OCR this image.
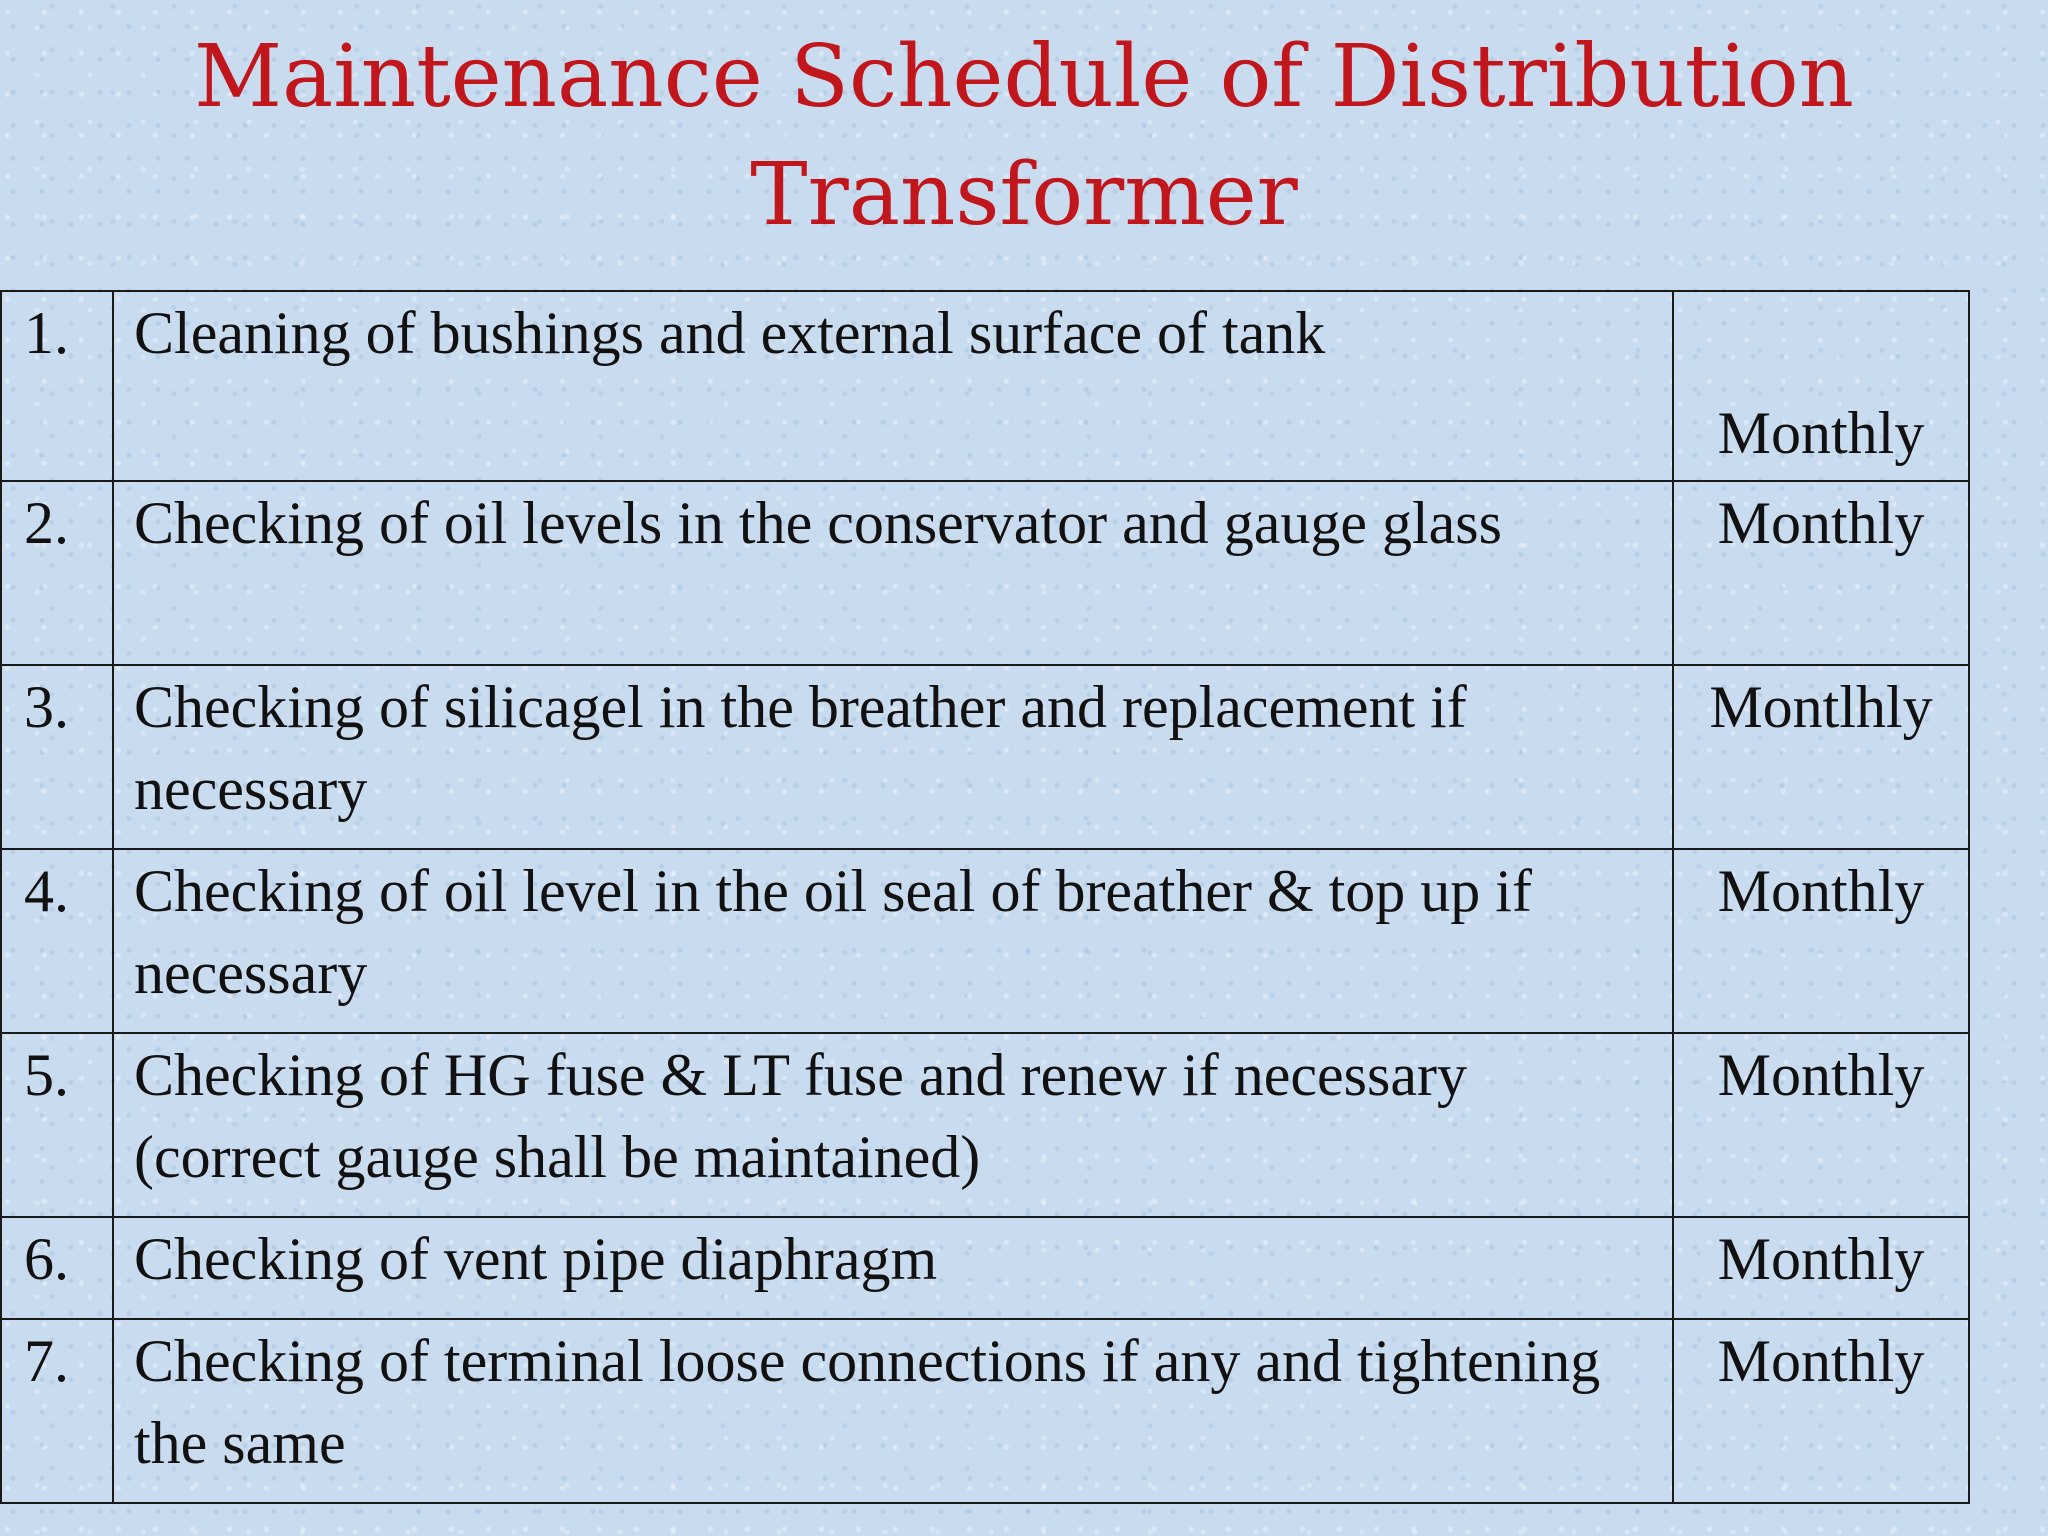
Maintenance Schedule of Distribution
Transformer
1.	Cleaning of bushings and external surface of tank	Monthly
2.	Checking of oil levels in the conservator and gauge glass	Monthly
3.	Checking of silicagel in the breather and replacement if necessary	Montlhly
4.	Checking of oil level in the oil seal of breather & top up if necessary	Monthly
5.	Checking of HG fuse & LT fuse and renew if necessary (correct gauge shall be maintained)	Monthly
6.	Checking of vent pipe diaphragm	Monthly
7.	Checking of terminal loose connections if any and tightening the same	Monthly
